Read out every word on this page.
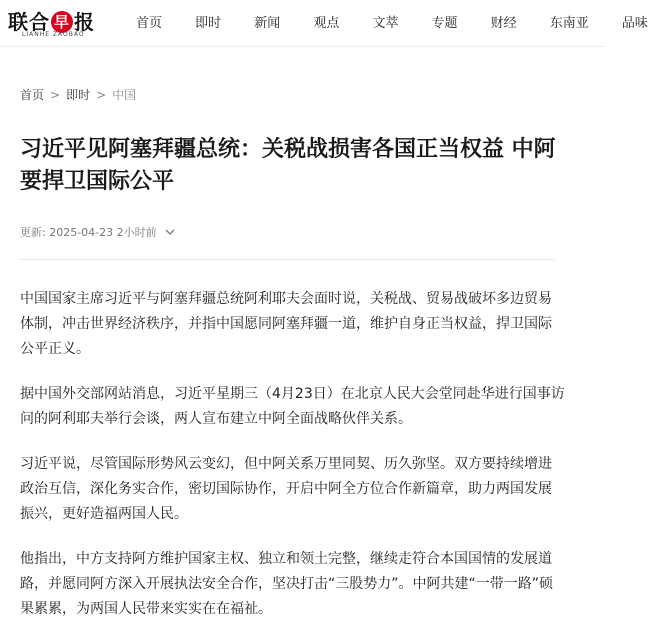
联合 早 报
LIANHE ZAOBAO
首页	即时	新闻	观点	文萃	专题	财经	东南亚	品味
首页 > 即时 > 中国
习近平见阿塞拜疆总统：关税战损害各国正当权益 中阿要捍卫国际公平
更新: 2025-04-23 2小时前

中国国家主席习近平与阿塞拜疆总统阿利耶夫会面时说，关税战、贸易战破坏多边贸易体制，冲击世界经济秩序，并指中国愿同阿塞拜疆一道，维护自身正当权益，捍卫国际公平正义。

据中国外交部网站消息，习近平星期三（4月23日）在北京人民大会堂同赴华进行国事访问的阿利耶夫举行会谈，两人宣布建立中阿全面战略伙伴关系。

习近平说，尽管国际形势风云变幻，但中阿关系万里同契、历久弥坚。双方要持续增进政治互信，深化务实合作，密切国际协作，开启中阿全方位合作新篇章，助力两国发展振兴，更好造福两国人民。

他指出，中方支持阿方维护国家主权、独立和领土完整，继续走符合本国国情的发展道路，并愿同阿方深入开展执法安全合作，坚决打击“三股势力”。中阿共建“一带一路”硕果累累，为两国人民带来实实在在福祉。
